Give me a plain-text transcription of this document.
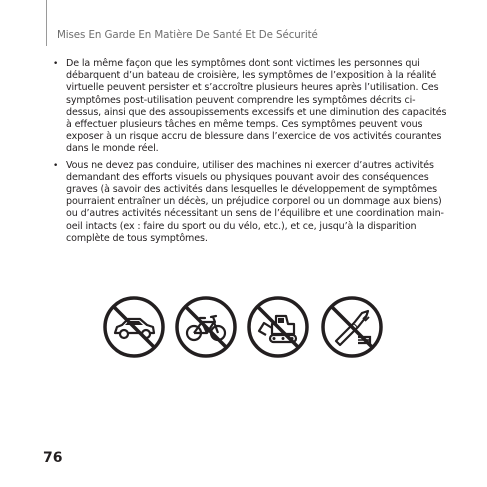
Mises En Garde En Matière De Santé Et De Sécurité
• De la même façon que les symptômes dont sont victimes les personnes qui débarquent d’un bateau de croisière, les symptômes de l’exposition à la réalité virtuelle peuvent persister et s’accroître plusieurs heures après l’utilisation. Ces symptômes post-utilisation peuvent comprendre les symptômes décrits ci-dessus, ainsi que des assoupissements excessifs et une diminution des capacités à effectuer plusieurs tâches en même temps. Ces symptômes peuvent vous exposer à un risque accru de blessure dans l’exercice de vos activités courantes dans le monde réel.
• Vous ne devez pas conduire, utiliser des machines ni exercer d’autres activités demandant des efforts visuels ou physiques pouvant avoir des conséquences graves (à savoir des activités dans lesquelles le développement de symptômes pourraient entraîner un décès, un préjudice corporel ou un dommage aux biens) ou d’autres activités nécessitant un sens de l’équilibre et une coordination main-oeil intacts (ex : faire du sport ou du vélo, etc.), et ce, jusqu’à la disparition complète de tous symptômes.
76
